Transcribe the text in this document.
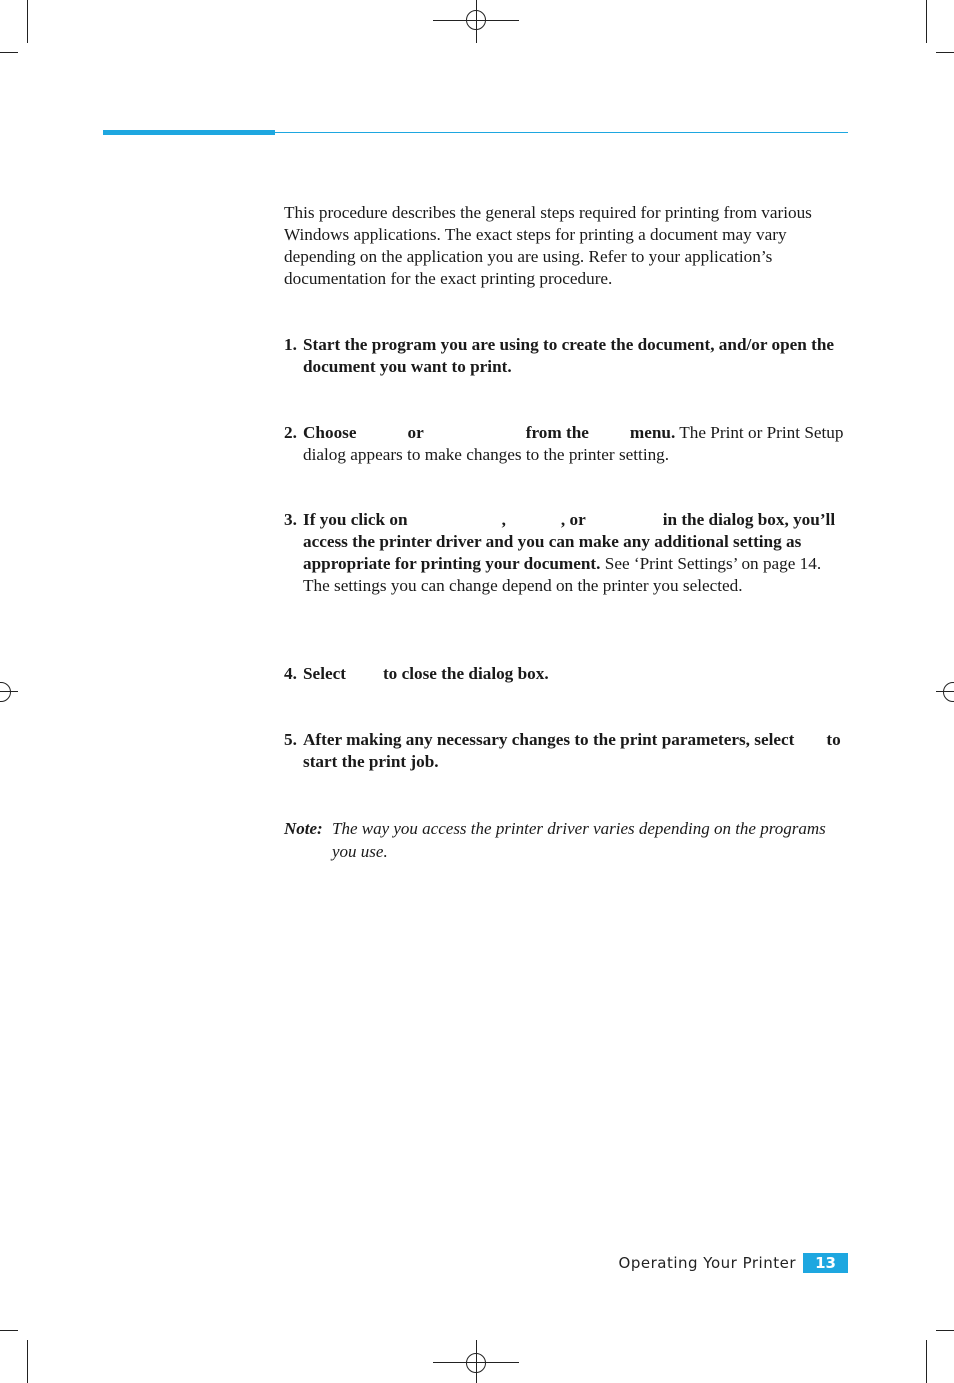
This procedure describes the general steps required for printing from various Windows applications. The exact steps for printing a document may vary depending on the application you are using. Refer to your application’s documentation for the exact printing procedure.
1. Start the program you are using to create the document, and/or open the document you want to print.
2. Choose	or	from the menu. The Print or Print Setup dialog appears to make changes to the printer setting.
3. If you click on	,	, or	in the dialog box, you’ll access the printer driver and you can make any additional setting as appropriate for printing your document. See ‘Print Settings’ on page 14. The settings you can change depend on the printer you selected.
4. Select to close the dialog box.
5. After making any necessary changes to the print parameters, select to start the print job.
Note: The way you access the printer driver varies depending on the programs you use.
Operating Your Printer	13
